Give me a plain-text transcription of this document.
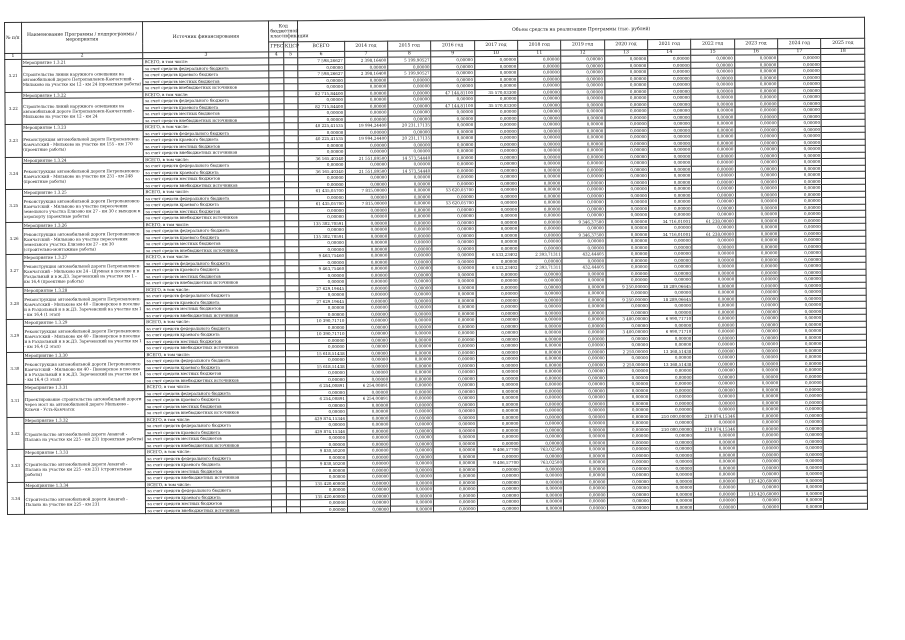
№ п/п	Наименование Программы / подпрограммы / мероприятия	Источник финансирования	Код бюджетной классификации		Объем средств на реализацию Программы (тыс. рублей)												
			ГРБС	КЦСР	ВСЕГО	2014 год	2015 год	2016 год	2017 год	2018 год	2019 год	2020 год	2021 год	2022 год	2023 год	2024 год	2025 год
1	2	3	4	5	6	7	8	9	10	11	12	13	14	15	16	17	18
3.21	Мероприятие 1.3.21	ВСЕГО, в том числе:			7 598,26627	2 398,16400	5 199,90527	0,00000	0,00000	0,00000	0,00000	0,00000	0,00000	0,00000	0,00000	0,00000	
	Строительство линии наружного освещения на автомобильной дороге Петропавловск-Камчатский - Мильково на участке км 12 - км 24 (проектные работы)	за счет средств федерального бюджета			0,00000	0,00000	0,00000	0,00000	0,00000	0,00000	0,00000	0,00000	0,00000	0,00000	0,00000	0,00000	
		за счет средств краевого бюджета			7 598,26627	2 398,16400	5 199,90527	0,00000	0,00000	0,00000	0,00000	0,00000	0,00000	0,00000	0,00000	0,00000	
		за счет средств местных бюджетов			0,00000	0,00000	0,00000	0,00000	0,00000	0,00000	0,00000	0,00000	0,00000	0,00000	0,00000	0,00000	
		за счет средств внебюджетных источников			0,00000	0,00000	0,00000	0,00000	0,00000	0,00000	0,00000	0,00000	0,00000	0,00000	0,00000	0,00000	
3.22	Мероприятие 1.3.22	ВСЕГО, в том числе:			82 715,84400	0,00000	0,00000	47 144,81100	35 570,03300	0,00000	0,00000	0,00000	0,00000	0,00000	0,00000	0,00000	
	Строительство линий наружного освещения на автомобильной дороге Петропавловск-Камчатский - Мильково на участке км 12 - км 24	за счет средств федерального бюджета			0,00000	0,00000	0,00000	0,00000	0,00000	0,00000	0,00000	0,00000	0,00000	0,00000	0,00000	0,00000	
		за счет средств краевого бюджета			82 715,84400	0,00000	0,00000	47 144,81100	35 570,03300	0,00000	0,00000	0,00000	0,00000	0,00000	0,00000	0,00000	
		за счет средств местных бюджетов			0,00000	0,00000	0,00000	0,00000	0,00000	0,00000	0,00000	0,00000	0,00000	0,00000	0,00000	0,00000	
		за счет средств внебюджетных источников			0,00000	0,00000	0,00000	0,00000	0,00000	0,00000	0,00000	0,00000	0,00000	0,00000	0,00000	0,00000	
3.23	Мероприятие 1.3.23	ВСЕГО, в том числе:			40 225,41535	19 994,24400	20 231,17135	0,00000	0,00000	0,00000	0,00000	0,00000	0,00000	0,00000	0,00000	0,00000	
	Реконструкция автомобильной дороги Петропавловск-Камчатский - Мильково на участке км 155 - км 170 (проектные работы)	за счет средств федерального бюджета			0,00000	0,00000	0,00000	0,00000	0,00000	0,00000	0,00000	0,00000	0,00000	0,00000	0,00000	0,00000	
		за счет средств краевого бюджета			40 225,41535	19 994,24400	20 231,17135	0,00000	0,00000	0,00000	0,00000	0,00000	0,00000	0,00000	0,00000	0,00000	
		за счет средств местных бюджетов			0,00000	0,00000	0,00000	0,00000	0,00000	0,00000	0,00000	0,00000	0,00000	0,00000	0,00000	0,00000	
		за счет средств внебюджетных источников			0,00000	0,00000	0,00000	0,00000	0,00000	0,00000	0,00000	0,00000	0,00000	0,00000	0,00000	0,00000	
3.24	Мероприятие 1.3.24	ВСЕГО, в том числе:			36 165,40340	21 551,89500	14 573,54440	0,00000	0,00000	0,00000	0,00000	0,00000	0,00000	0,00000	0,00000	0,00000	
	Реконструкция автомобильной дороги Петропавловск-Камчатский - Мильково на участке км 231 - км 248 (проектные работы)	за счет средств федерального бюджета			0,00000	0,00000	0,00000	0,00000	0,00000	0,00000	0,00000	0,00000	0,00000	0,00000	0,00000	0,00000	
		за счет средств краевого бюджета			36 165,40340	21 551,89500	14 573,54440	0,00000	0,00000	0,00000	0,00000	0,00000	0,00000	0,00000	0,00000	0,00000	
		за счет средств местных бюджетов			0,00000	0,00000	0,00000	0,00000	0,00000	0,00000	0,00000	0,00000	0,00000	0,00000	0,00000	0,00000	
		за счет средств внебюджетных источников			0,00000	0,00000	0,00000	0,00000	0,00000	0,00000	0,00000	0,00000	0,00000	0,00000	0,00000	0,00000	
3.25	Мероприятие 1.3.25	ВСЕГО, в том числе:			61 435,05700	7 815,00000	0,00000	53 620,05700	0,00000	0,00000	0,00000	0,00000	0,00000	0,00000	0,00000	0,00000	
	Реконструкция автомобильной дороги Петропавловск-Камчатский - Мильково на участке пересечения земельного участка Елизово км 27 - км 30 с выходом к аэропорту (проектные работы)	за счет средств федерального бюджета			0,00000	0,00000	0,00000	0,00000	0,00000	0,00000	0,00000	0,00000	0,00000	0,00000	0,00000	0,00000	
		за счет средств краевого бюджета			61 435,05700	7 815,00000	0,00000	53 620,05700	0,00000	0,00000	0,00000	0,00000	0,00000	0,00000	0,00000	0,00000	
		за счет средств местных бюджетов			0,00000	0,00000	0,00000	0,00000	0,00000	0,00000	0,00000	0,00000	0,00000	0,00000	0,00000	0,00000	
		за счет средств внебюджетных источников			0,00000	0,00000	0,00000	0,00000	0,00000	0,00000	0,00000	0,00000	0,00000	0,00000	0,00000	0,00000	
3.26	Мероприятие 1.3.26	ВСЕГО, в том числе:			135 302,70591	0,00000	0,00000	0,00000	0,00000	0,00000	9 346,37500	0,00000	34 716,01001	61 238,00000	0,00000	0,00000	
	Реконструкция автомобильной дороги Петропавловск-Камчатский - Мильково на участке пересечения земельного участка Елизово км 27 - км 30 (строительно-монтажные работы)	за счет средств федерального бюджета			0,00000	0,00000	0,00000	0,00000	0,00000	0,00000	0,00000	0,00000	0,00000	0,00000	0,00000	0,00000	
		за счет средств краевого бюджета			135 302,70591	0,00000	0,00000	0,00000	0,00000	0,00000	9 346,37500	0,00000	34 716,01001	61 238,00000	0,00000	0,00000	
		за счет средств местных бюджетов			0,00000	0,00000	0,00000	0,00000	0,00000	0,00000	0,00000	0,00000	0,00000	0,00000	0,00000	0,00000	
		за счет средств внебюджетных источников			0,00000	0,00000	0,00000	0,00000	0,00000	0,00000	0,00000	0,00000	0,00000	0,00000	0,00000	0,00000	
3.27	Мероприятие 1.3.27	ВСЕГО, в том числе:			9 463,75460	0,00000	0,00000	0,00000	6 533,23402	2 393,71311	432,44405	0,00000	0,00000	0,00000	0,00000	0,00000	
	Реконструкция автомобильной дороги Петропавловск-Камчатский - Мильково км 24 - Шумная в поселке и в Раздольный и в ж.ДЗ. Зареченский на участке км 1 - км 16,4 (проектные работы)	за счет средств федерального бюджета			0,00000	0,00000	0,00000	0,00000	0,00000	0,00000	0,00000	0,00000	0,00000	0,00000	0,00000	0,00000	
		за счет средств краевого бюджета			9 463,75460	0,00000	0,00000	0,00000	6 533,23402	2 393,71311	432,44405	0,00000	0,00000	0,00000	0,00000	0,00000	
		за счет средств местных бюджетов			0,00000	0,00000	0,00000	0,00000	0,00000	0,00000	0,00000	0,00000	0,00000	0,00000	0,00000	0,00000	
		за счет средств внебюджетных источников			0,00000	0,00000	0,00000	0,00000	0,00000	0,00000	0,00000	0,00000	0,00000	0,00000	0,00000	0,00000	
3.28	Мероприятие 1.3.28	ВСЕГО, в том числе:			27 629,19645	0,00000	0,00000	0,00000	0,00000	0,00000	0,00000	9 250,00000	18 289,06645	0,00000	0,00000	0,00000	
	Реконструкция автомобильной дороги Петропавловск-Камчатский - Мильково км 40 - Пионерское в поселке и в Раздольный и в ж.ДЗ. Зареченский на участке км 1 - км 16,4 (1 этап)	за счет средств федерального бюджета			0,00000	0,00000	0,00000	0,00000	0,00000	0,00000	0,00000	0,00000	0,00000	0,00000	0,00000	0,00000	
		за счет средств краевого бюджета			27 629,19645	0,00000	0,00000	0,00000	0,00000	0,00000	0,00000	9 250,00000	18 289,06645	0,00000	0,00000	0,00000	
		за счет средств местных бюджетов			0,00000	0,00000	0,00000	0,00000	0,00000	0,00000	0,00000	0,00000	0,00000	0,00000	0,00000	0,00000	
		за счет средств внебюджетных источников			0,00000	0,00000	0,00000	0,00000	0,00000	0,00000	0,00000	0,00000	0,00000	0,00000	0,00000	0,00000	
3.29	Мероприятие 1.3.29	ВСЕГО, в том числе:			10 390,71710	0,00000	0,00000	0,00000	0,00000	0,00000	0,00000	3 400,00000	6 990,71710	0,00000	0,00000	0,00000	
	Реконструкция автомобильной дороги Петропавловск-Камчатский - Мильково км 40 - Пионерское в поселке и в Раздольный и в ж.ДЗ. Зареченский на участке км 1 - км 16,4 (2 этап)	за счет средств федерального бюджета			0,00000	0,00000	0,00000	0,00000	0,00000	0,00000	0,00000	0,00000	0,00000	0,00000	0,00000	0,00000	
		за счет средств краевого бюджета			10 390,71710	0,00000	0,00000	0,00000	0,00000	0,00000	0,00000	3 400,00000	6 990,71710	0,00000	0,00000	0,00000	
		за счет средств местных бюджетов			0,00000	0,00000	0,00000	0,00000	0,00000	0,00000	0,00000	0,00000	0,00000	0,00000	0,00000	0,00000	
		за счет средств внебюджетных источников			0,00000	0,00000	0,00000	0,00000	0,00000	0,00000	0,00000	0,00000	0,00000	0,00000	0,00000	0,00000	
3.30	Мероприятие 1.3.30	ВСЕГО, в том числе:			15 618,51438	0,00000	0,00000	0,00000	0,00000	0,00000	0,00000	2 250,00000	13 368,51438	0,00000	0,00000	0,00000	
	Реконструкция автомобильной дороги Петропавловск-Камчатский - Мильково км 40 - Пионерское в поселке и в Раздольный и в ж.ДЗ. Зареченский на участке км 1 - км 16,4 (3 этап)	за счет средств федерального бюджета			0,00000	0,00000	0,00000	0,00000	0,00000	0,00000	0,00000	0,00000	0,00000	0,00000	0,00000	0,00000	
		за счет средств краевого бюджета			15 618,51438	0,00000	0,00000	0,00000	0,00000	0,00000	0,00000	2 250,00000	13 368,51438	0,00000	0,00000	0,00000	
		за счет средств местных бюджетов			0,00000	0,00000	0,00000	0,00000	0,00000	0,00000	0,00000	0,00000	0,00000	0,00000	0,00000	0,00000	
		за счет средств внебюджетных источников			0,00000	0,00000	0,00000	0,00000	0,00000	0,00000	0,00000	0,00000	0,00000	0,00000	0,00000	0,00000	
3.31	Мероприятие 1.3.31	ВСЕГО, в том числе:			6 254,00891	6 254,00891	0,00000	0,00000	0,00000	0,00000	0,00000	0,00000	0,00000	0,00000	0,00000	0,00000	
	Проектирование строительства автомобильной дороги через мост на автомобильной дороге Мильково - Ключи - Усть-Камчатск	за счет средств федерального бюджета			0,00000	0,00000	0,00000	0,00000	0,00000	0,00000	0,00000	0,00000	0,00000	0,00000	0,00000	0,00000	
		за счет средств краевого бюджета			6 254,00891	6 254,00891	0,00000	0,00000	0,00000	0,00000	0,00000	0,00000	0,00000	0,00000	0,00000	0,00000	
		за счет средств местных бюджетов			0,00000	0,00000	0,00000	0,00000	0,00000	0,00000	0,00000	0,00000	0,00000	0,00000	0,00000	0,00000	
		за счет средств внебюджетных источников			0,00000	0,00000	0,00000	0,00000	0,00000	0,00000	0,00000	0,00000	0,00000	0,00000	0,00000	0,00000	
3.32	Мероприятие 1.3.32	ВСЕГО, в том числе:			429 874,15346	0,00000	0,00000	0,00000	0,00000	0,00000	0,00000	0,00000	210 000,00000	219 874,15346	0,00000	0,00000	
	Строительство автомобильной дороги Анавгай - Палана на участке км 225 - км 231 (проектные работы)	за счет средств федерального бюджета			0,00000	0,00000	0,00000	0,00000	0,00000	0,00000	0,00000	0,00000	0,00000	0,00000	0,00000	0,00000	
		за счет средств краевого бюджета			429 874,15346	0,00000	0,00000	0,00000	0,00000	0,00000	0,00000	0,00000	210 000,00000	219 874,15346	0,00000	0,00000	
		за счет средств местных бюджетов			0,00000	0,00000	0,00000	0,00000	0,00000	0,00000	0,00000	0,00000	0,00000	0,00000	0,00000	0,00000	
		за счет средств внебюджетных источников			0,00000	0,00000	0,00000	0,00000	0,00000	0,00000	0,00000	0,00000	0,00000	0,00000	0,00000	0,00000	
3.33	Мероприятие 1.3.33	ВСЕГО, в том числе:			9 830,50200	0,00000	0,00000	0,00000	9 406,57700	763,02500	0,00000	0,00000	0,00000	0,00000	0,00000	0,00000	
	Строительство автомобильной дороги Анавгай - Палана на участке км 225 - км 231 (строительные работы)	за счет средств федерального бюджета			0,00000	0,00000	0,00000	0,00000	0,00000	0,00000	0,00000	0,00000	0,00000	0,00000	0,00000	0,00000	
		за счет средств краевого бюджета			9 830,50200	0,00000	0,00000	0,00000	9 406,57700	763,02500	0,00000	0,00000	0,00000	0,00000	0,00000	0,00000	
		за счет средств местных бюджетов			0,00000	0,00000	0,00000	0,00000	0,00000	0,00000	0,00000	0,00000	0,00000	0,00000	0,00000	0,00000	
		за счет средств внебюджетных источников			0,00000	0,00000	0,00000	0,00000	0,00000	0,00000	0,00000	0,00000	0,00000	0,00000	0,00000	0,00000	
3.34	Мероприятие 1.3.34	ВСЕГО, в том числе:			135 420,60000	0,00000	0,00000	0,00000	0,00000	0,00000	0,00000	0,00000	0,00000	0,00000	135 420,60000	0,00000	
	Строительство автомобильной дороги Анавгай - Палана на участке км 225 - км 231	за счет средств федерального бюджета			0,00000	0,00000	0,00000	0,00000	0,00000	0,00000	0,00000	0,00000	0,00000	0,00000	0,00000	0,00000	
		за счет средств краевого бюджета			135 420,60000	0,00000	0,00000	0,00000	0,00000	0,00000	0,00000	0,00000	0,00000	0,00000	135 420,60000	0,00000	
		за счет средств местных бюджетов			0,00000	0,00000	0,00000	0,00000	0,00000	0,00000	0,00000	0,00000	0,00000	0,00000	0,00000	0,00000	
		за счет средств внебюджетных источников			0,00000	0,00000	0,00000	0,00000	0,00000	0,00000	0,00000	0,00000	0,00000	0,00000	0,00000	0,00000	
